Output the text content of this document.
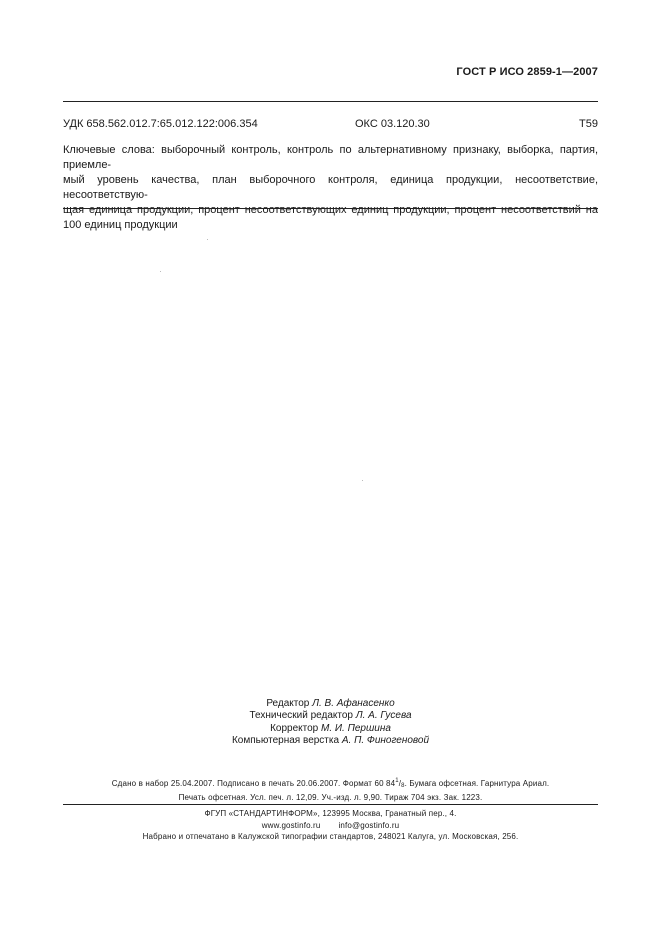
ГОСТ Р ИСО 2859-1—2007
УДК 658.562.012.7:65.012.122:006.354	ОКС 03.120.30	Т59
Ключевые слова: выборочный контроль, контроль по альтернативному признаку, выборка, партия, приемле-
мый уровень качества, план выборочного контроля, единица продукции, несоответствие, несоответствую-
щая единица продукции, процент несоответствующих единиц продукции, процент несоответствий на
100 единиц продукции
Редактор Л. В. Афанасенко
Технический редактор Л. А. Гусева
Корректор М. И. Першина
Компьютерная верстка А. П. Финогеновой
Сдано в набор 25.04.2007. Подписано в печать 20.06.2007. Формат 60 $84^1/_8$. Бумага офсетная. Гарнитура Ариал.
Печать офсетная. Усл. печ. л. 12,09. Уч.-изд. л. 9,90. Тираж 704 экз. Зак. 1223.
ФГУП «СТАНДАРТИНФОРМ», 123995 Москва, Гранатный пер., 4.
www.gostinfo.ru info@gostinfo.ru
Набрано и отпечатано в Калужской типографии стандартов, 248021 Калуга, ул. Московская, 256.
